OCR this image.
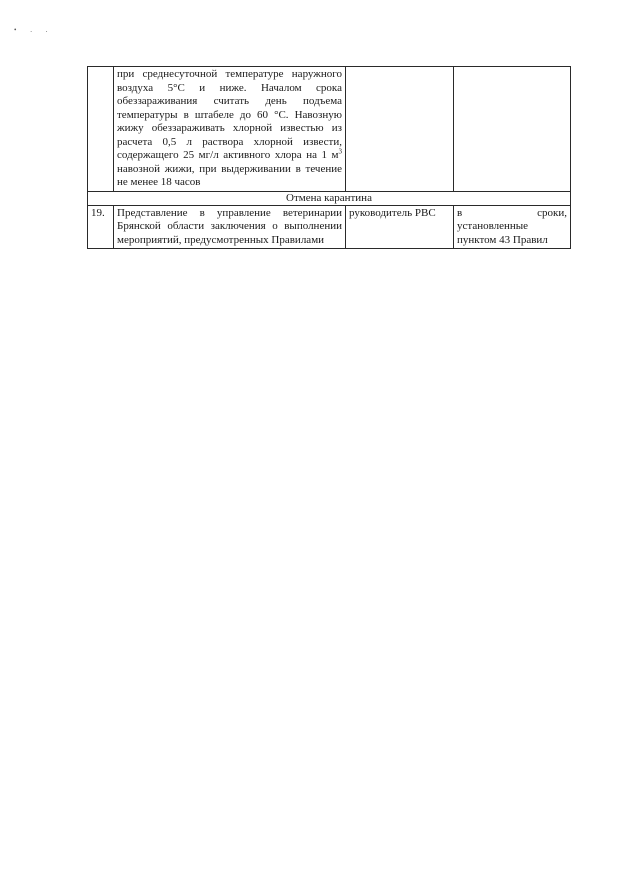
• . .
	при среднесуточной температуре наружного воздуха 5°С и ниже. Началом срока обеззараживания считать день подъема температуры в штабеле до 60 °С. Навозную жижу обеззараживать хлорной известью из расчета 0,5 л раствора хлорной извести, содержащего 25 мг/л активного хлора на 1 $м^3$ навозной жижи, при выдерживании в течение не менее 18 часов		
Отмена карантина			
19.	Представление в управление ветеринарии Брянской области заключения о выполнении мероприятий, предусмотренных Правилами	руководитель РВС	в сроки, установленные пунктом 43 Правил
